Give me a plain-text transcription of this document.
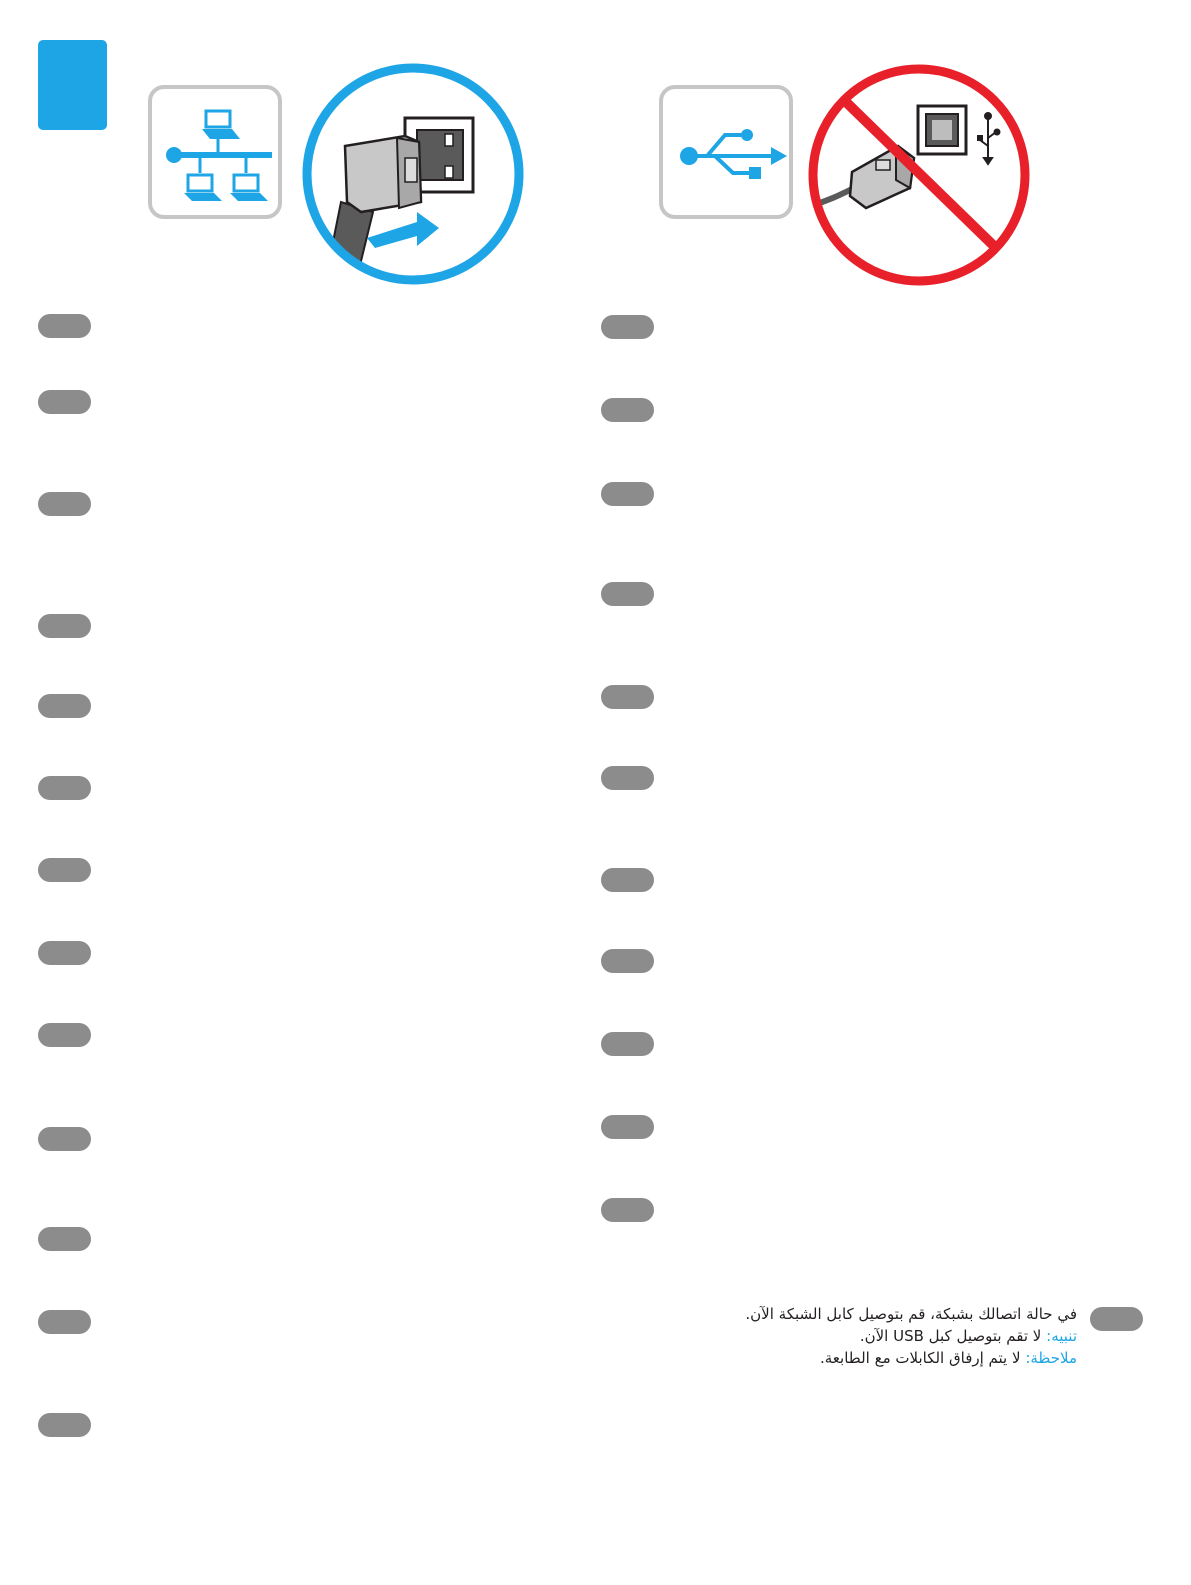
في حالة اتصالك بشبكة، قم بتوصيل كابل الشبكة الآن.
تنبيه: لا تقم بتوصيل كبل USB الآن.
ملاحظة: لا يتم إرفاق الكابلات مع الطابعة.
